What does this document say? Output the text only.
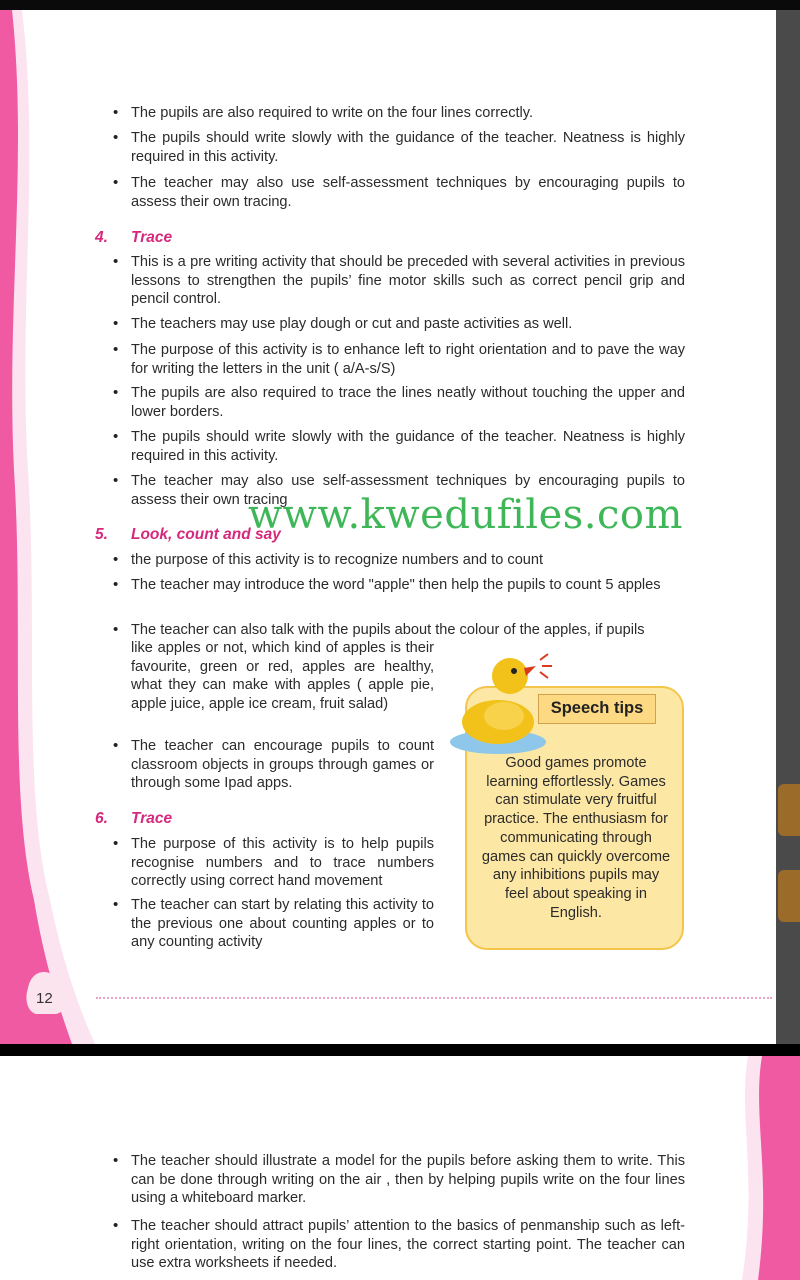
• The pupils are also required to write on the four lines correctly.
• The pupils should write slowly with the guidance of the teacher. Neatness is highly required in this activity.
• The teacher may also use self-assessment techniques by encouraging pupils to assess their own tracing.
4. Trace
• This is a pre writing activity that should be preceded with several activities in previous lessons to strengthen the pupils’ fine motor skills such as correct pencil grip and pencil control.
• The teachers may use play dough or cut and paste activities as well.
• The purpose of this activity is to enhance left to right orientation and to pave the way for writing the letters in the unit ( a/A-s/S)
• The pupils are also required to trace the lines neatly without touching the upper and lower borders.
• The pupils should write slowly with the guidance of the teacher. Neatness is highly required in this activity.
• The teacher may also use self-assessment techniques by encouraging pupils to assess their own tracing
5. Look, count and say
• the purpose of this activity is to recognize numbers and to count
• The teacher may introduce the word "apple" then help the pupils to count 5 apples
• The teacher can also talk with the pupils about the colour of the apples, if pupils
like apples or not, which kind of apples is their favourite, green or red, apples are healthy, what they can make with apples ( apple pie, apple juice, apple ice cream, fruit salad)
• The teacher can encourage pupils to count classroom objects in groups through games or through some Ipad apps.
6. Trace
• The purpose of this activity is to help pupils recognise numbers and to trace numbers correctly using correct hand movement
• The teacher can start by relating this activity to the previous one about counting apples or to any counting activity
Speech tips
Good games promote learning effortlessly. Games can stimulate very fruitful practice. The enthusiasm for communicating through games can quickly overcome any inhibitions pupils may feel about speaking in English.
www.kwedufiles.com
12
• The teacher should illustrate a model for the pupils before asking them to write. This can be done through writing on the air , then by helping pupils write on the four lines using a whiteboard marker.
• The teacher should attract pupils’ attention to the basics of penmanship such as left- right orientation, writing on the four lines, the correct starting point. The teacher can use extra worksheets if needed.
